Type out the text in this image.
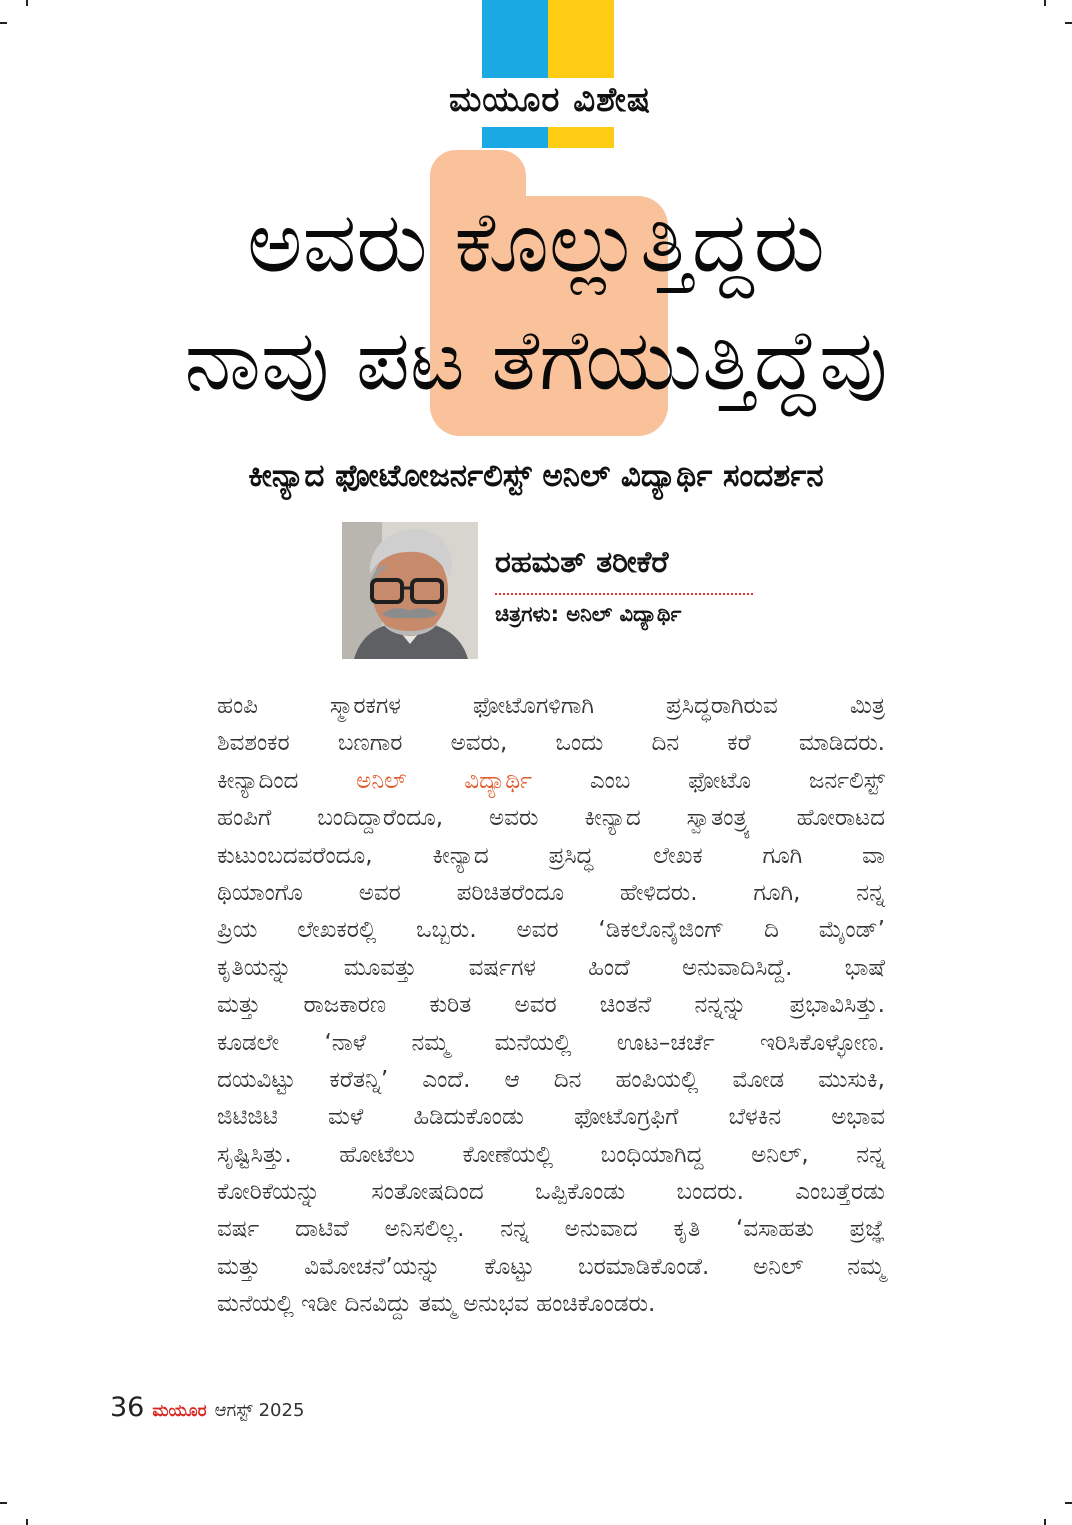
ಮಯೂರ ವಿಶೇಷ
ಅವರು ಕೊಲ್ಲುತ್ತಿದ್ದರು
ನಾವು ಪಟ ತೆಗೆಯುತ್ತಿದ್ದೆವು
ಕೀನ್ಯಾದ ಫೋಟೋಜರ್ನಲಿಸ್ಟ್ ಅನಿಲ್ ವಿದ್ಯಾರ್ಥಿ ಸಂದರ್ಶನ
ರಹಮತ್ ತರೀಕೆರೆ
ಚಿತ್ರಗಳು: ಅನಿಲ್ ವಿದ್ಯಾರ್ಥಿ
ಹಂಪಿ ಸ್ಮಾರಕಗಳ ಫೋಟೊಗಳಿಗಾಗಿ ಪ್ರಸಿದ್ಧರಾಗಿರುವ ಮಿತ್ರ
ಶಿವಶಂಕರ ಬಣಗಾರ ಅವರು, ಒಂದು ದಿನ ಕರೆ ಮಾಡಿದರು.
ಕೀನ್ಯಾದಿಂದ	ಅನಿಲ್ ವಿದ್ಯಾರ್ಥಿ	ಎಂಬ ಫೋಟೊ ಜರ್ನಲಿಸ್ಟ್
ಹಂಪಿಗೆ ಬಂದಿದ್ದಾರೆಂದೂ, ಅವರು ಕೀನ್ಯಾದ ಸ್ವಾತಂತ್ರ್ಯ ಹೋರಾಟದ
ಕುಟುಂಬದವರೆಂದೂ, ಕೀನ್ಯಾದ ಪ್ರಸಿದ್ಧ ಲೇಖಕ ಗೂಗಿ ವಾ
ಥಿಯಾಂಗೊ ಅವರ ಪರಿಚಿತರೆಂದೂ ಹೇಳಿದರು. ಗೂಗಿ, ನನ್ನ
ಪ್ರಿಯ ಲೇಖಕರಲ್ಲಿ ಒಬ್ಬರು. ಅವರ ‘ಡಿಕಲೊನೈಜಿಂಗ್ ದಿ ಮೈಂಡ್’
ಕೃತಿಯನ್ನು ಮೂವತ್ತು ವರ್ಷಗಳ ಹಿಂದೆ ಅನುವಾದಿಸಿದ್ದೆ. ಭಾಷೆ
ಮತ್ತು ರಾಜಕಾರಣ ಕುರಿತ ಅವರ ಚಿಂತನೆ ನನ್ನನ್ನು ಪ್ರಭಾವಿಸಿತ್ತು.
ಕೂಡಲೇ ‘ನಾಳೆ ನಮ್ಮ ಮನೆಯಲ್ಲಿ ಊಟ–ಚರ್ಚೆ ಇರಿಸಿಕೊಳ್ಳೋಣ.
ದಯವಿಟ್ಟು ಕರೆತನ್ನಿ’ ಎಂದೆ. ಆ ದಿನ ಹಂಪಿಯಲ್ಲಿ ಮೋಡ ಮುಸುಕಿ,
ಜಿಟಿಜಿಟಿ ಮಳೆ ಹಿಡಿದುಕೊಂಡು ಫೋಟೊಗ್ರಫಿಗೆ ಬೆಳಕಿನ ಅಭಾವ
ಸೃಷ್ಟಿಸಿತ್ತು. ಹೋಟೆಲು ಕೋಣೆಯಲ್ಲಿ ಬಂಧಿಯಾಗಿದ್ದ ಅನಿಲ್, ನನ್ನ
ಕೋರಿಕೆಯನ್ನು ಸಂತೋಷದಿಂದ ಒಪ್ಪಿಕೊಂಡು ಬಂದರು. ಎಂಬತ್ತೆರಡು
ವರ್ಷ ದಾಟಿವೆ ಅನಿಸಲಿಲ್ಲ. ನನ್ನ ಅನುವಾದ ಕೃತಿ ‘ವಸಾಹತು ಪ್ರಜ್ಞೆ
ಮತ್ತು ವಿಮೋಚನೆ’ಯನ್ನು ಕೊಟ್ಟು ಬರಮಾಡಿಕೊಂಡೆ. ಅನಿಲ್ ನಮ್ಮ
ಮನೆಯಲ್ಲಿ ಇಡೀ ದಿನವಿದ್ದು ತಮ್ಮ ಅನುಭವ ಹಂಚಿಕೊಂಡರು.
36 ಮಯೂರ ಆಗಸ್ಟ್ 2025
